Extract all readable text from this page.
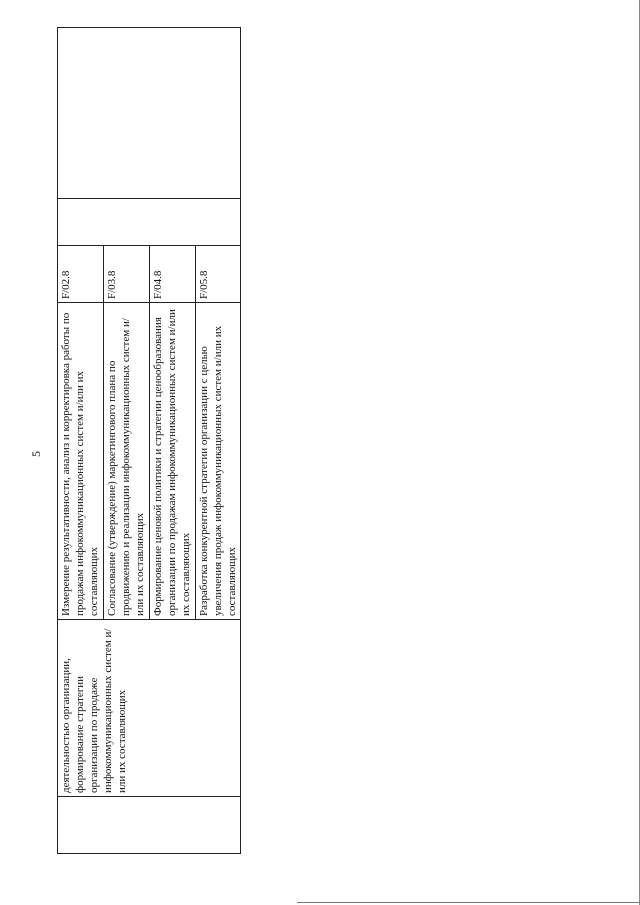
5
	деятельностью организации, формирование стратегии организации по продаже инфокоммуникационных систем и/или их составляющих	Измерение результативности, анализ и корректировка работы по продажам инфокоммуникационных систем и/или их составляющих	F/02.8		
		Согласование (утверждение) маркетингового плана по продвижению и реализации инфокоммуникационных систем и/или их составляющих	F/03.8		
		Формирование ценовой политики и стратегии ценообразования организации по продажам инфокоммуникационных систем и/или их составляющих	F/04.8		
		Разработка конкурентной стратегии организации с целью увеличения продаж инфокоммуникационных систем и/или их составляющих	F/05.8		
